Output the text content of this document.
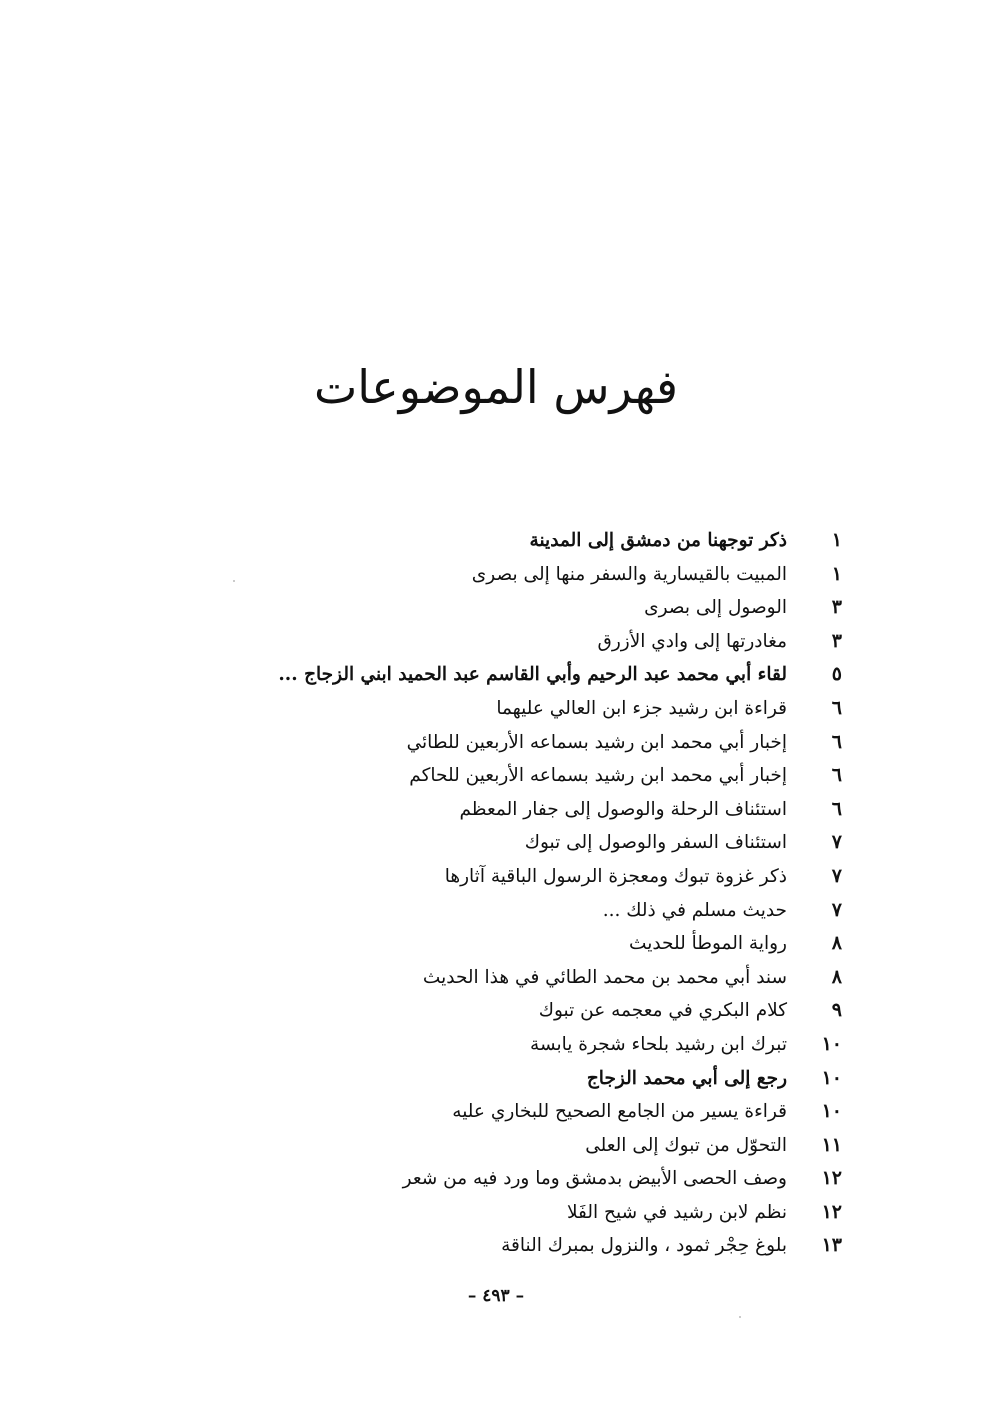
فهرس الموضوعات
١
ذكر توجهنا من دمشق إلى المدينة
١
المبيت بالقيسارية والسفر منها إلى بصرى
٣
الوصول إلى بصرى
٣
مغادرتها إلى وادي الأزرق
٥
لقاء أبي محمد عبد الرحيم وأبي القاسم عبد الحميد ابني الزجاج ...
٦
قراءة ابن رشيد جزء ابن العالي عليهما
٦
إخبار أبي محمد ابن رشيد بسماعه الأربعين للطائي
٦
إخبار أبي محمد ابن رشيد بسماعه الأربعين للحاكم
٦
استئناف الرحلة والوصول إلى جفار المعظم
٧
استئناف السفر والوصول إلى تبوك
٧
ذكر غزوة تبوك ومعجزة الرسول الباقية آثارها
٧
حديث مسلم في ذلك ...
٨
رواية الموطأ للحديث
٨
سند أبي محمد بن محمد الطائي في هذا الحديث
٩
كلام البكري في معجمه عن تبوك
١٠
تبرك ابن رشيد بلحاء شجرة يابسة
١٠
رجع إلى أبي محمد الزجاج
١٠
قراءة يسير من الجامع الصحيح للبخاري عليه
١١
التحوّل من تبوك إلى العلى
١٢
وصف الحصى الأبيض بدمشق وما ورد فيه من شعر
١٢
نظم لابن رشيد في شيح الفَلا
١٣
بلوغ حِجْر ثمود ، والنزول بمبرك الناقة
– ٤٩٣ –
